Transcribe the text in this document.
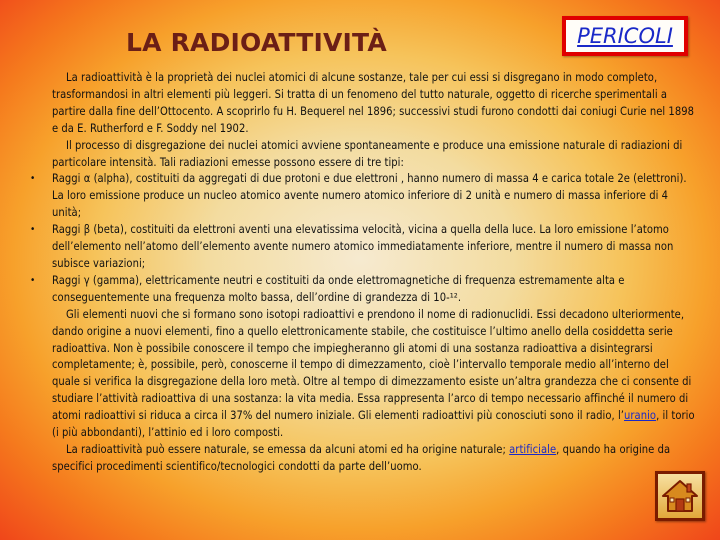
LA RADIOATTIVITÀ	PERICOLI

La radioattività è la proprietà dei nuclei atomici di alcune sostanze, tale per cui essi si disgregano in modo completo, trasformandosi in altri elementi più leggeri. Si tratta di un fenomeno del tutto naturale, oggetto di ricerche sperimentali a partire dalla fine dell’Ottocento. A scoprirlo fu H. Bequerel nel 1896; successivi studi furono condotti dai coniugi Curie nel 1898 e da E. Rutherford e F. Soddy nel 1902.

Il processo di disgregazione dei nuclei atomici avviene spontaneamente e produce una emissione naturale di radiazioni di particolare intensità. Tali radiazioni emesse possono essere di tre tipi:

• Raggi α (alpha), costituiti da aggregati di due protoni e due elettroni , hanno numero di massa 4 e carica totale 2e (elettroni). La loro emissione produce un nucleo atomico avente numero atomico inferiore di 2 unità e numero di massa inferiore di 4 unità;

• Raggi β (beta), costituiti da elettroni aventi una elevatissima velocità, vicina a quella della luce. La loro emissione l’atomo dell’elemento nell’atomo dell’elemento avente numero atomico immediatamente inferiore, mentre il numero di massa non subisce variazioni;

• Raggi γ (gamma), elettricamente neutri e costituiti da onde elettromagnetiche di frequenza estremamente alta e conseguentemente una frequenza molto bassa, dell’ordine di grandezza di 10-¹².

Gli elementi nuovi che si formano sono isotopi radioattivi e prendono il nome di radionuclidi. Essi decadono ulteriormente, dando origine a nuovi elementi, fino a quello elettronicamente stabile, che costituisce l’ultimo anello della cosiddetta serie radioattiva. Non è possibile conoscere il tempo che impiegheranno gli atomi di una sostanza radioattiva a disintegrarsi completamente; è, possibile, però, conoscerne il tempo di dimezzamento, cioè l’intervallo temporale medio all’interno del quale si verifica la disgregazione della loro metà. Oltre al tempo di dimezzamento esiste un’altra grandezza che ci consente di studiare l’attività radioattiva di una sostanza: la vita media. Essa rappresenta l’arco di tempo necessario affinché il numero di atomi radioattivi si riduca a circa il 37% del numero iniziale. Gli elementi radioattivi più conosciuti sono il radio, l’uranio, il torio (i più abbondanti), l’attinio ed i loro composti.

La radioattività può essere naturale, se emessa da alcuni atomi ed ha origine naturale; artificiale, quando ha origine da specifici procedimenti scientifico/tecnologici condotti da parte dell’uomo.
